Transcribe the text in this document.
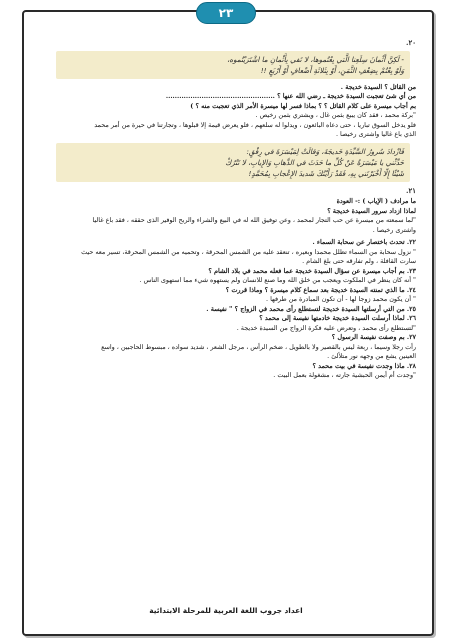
٢٣

٢٠.

- لَكِنَّ أَثْمانَ سِلَعِنا الَّتي بِعْتُموها، لا تَفي بِأَثْمانِ ما اشْتَرَيْتُموه،

وَلَوْ بِعْتُمْ بِضِعْفِ الثَّمَنِ، أَوْ بِثَلاثَةِ أَضْعافٍ أَوْ أَرْبَعٍ !!

من القائل ؟ السيدة خديجة .

من أي شئ تعجبت السيدة خديجة ـ رضي الله عنها ؟ .................................................

بم أجاب ميسرة على كلام القائل ؟ ؟ بماذا فسر لها ميسرة الأمر الذي تعجبت منه ؟ )

"بركة محمد ، فقد كان يبيع بثمن غال ، ويشتري بثمن رخيص .

فلو يدخل السوق تباريا ، حتى دعاه البائعون ، ويدلوا له سلعهم ، فلو يعرض قيمة إلا قبلوها ، وتجارتنا في حيرة من أمر محمد

الذي باع غاليا واشترى رخيصا .

فَازْدادَ سُرورُ السَّيِّدَةِ خَديجَةَ، وَقالَتْ لِمَيْسَرَةَ في رِفْقٍ:

حَدِّثْني يا مَيْسَرَةُ عَنْ كُلِّ ما حَدَثَ في الذَّهابِ وَالإِيابِ، لا تَتْرُكْ

شَيْئًا إِلّا أَخْبَرْتَني بِهِ، فَقَدْ رَأَيْتُكَ شَديدَ الإِعْجابِ بِمُحَمَّدٍ!

٢١.

ما مرادف ( الإياب ) :- العودة

لماذا ازداد سرور السيدة خديجة ؟

"لما سمعته من ميسرة عن حب التجار لمحمد ، وعن توفيق الله له في البيع والشراء والربح الوفير الذى حققه ، فقد باع غاليا

واشترى رخيصا .

٢٢. تحدث باختصار عن سحابة السماء .

" نزول سحابة من السماء تظلل محمدا وبعيره ، تنعقد عليه من الشمس المحرقة ، وتحميه من الشمس المحرقة، تسير معه حيث

سارت القافلة ، ولم تفارقه حتى بلغ الشام .

٢٣. بم أجاب ميسرة عن سؤال السيدة خديجة عما فعله محمد في بلاد الشام ؟

" أنه كان ينظر في الملكوت ويعجب من خلق الله وما صنع للانسان ولم يستهوه شيء مما استهوى الناس .

٢٤. ما الذي تمنته السيدة خديجة بعد سماع كلام ميسرة ؟ وماذا قررت ؟

" أن يكون محمد زوجا لها - أن تكون المبادرة من طرفها .

٢٥. من التي أرسلتها السيدة خديجة لتستطلع رأى محمد في الزواج ؟ " نفيسة .

٢٦. لماذا أرسلت السيدة خديجة خادمتها نفيسة إلى محمد ؟

"لتستطلع رأى محمد ، وتعرض عليه فكرة الزواج من السيدة خديجة .

٢٧. بم وصفت نفيسة الرسول ؟

رأت رجلا وسيما ، ربعة ليس بالقصير ولا بالطويل ، ضخم الرأس ، مرجل الشعر ، شديد سواده ، مبسوط الحاجبين ، واسع

العينين يشع من وجهه نور متلألئ .

٢٨. ماذا وجدت نفيسة في بيت محمد ؟

"وجدت أم أيمن الحبشية جارته ، مشغولة بعمل البيت .

اعداد جروب اللغة العربية للمرحلة الابتدائية
